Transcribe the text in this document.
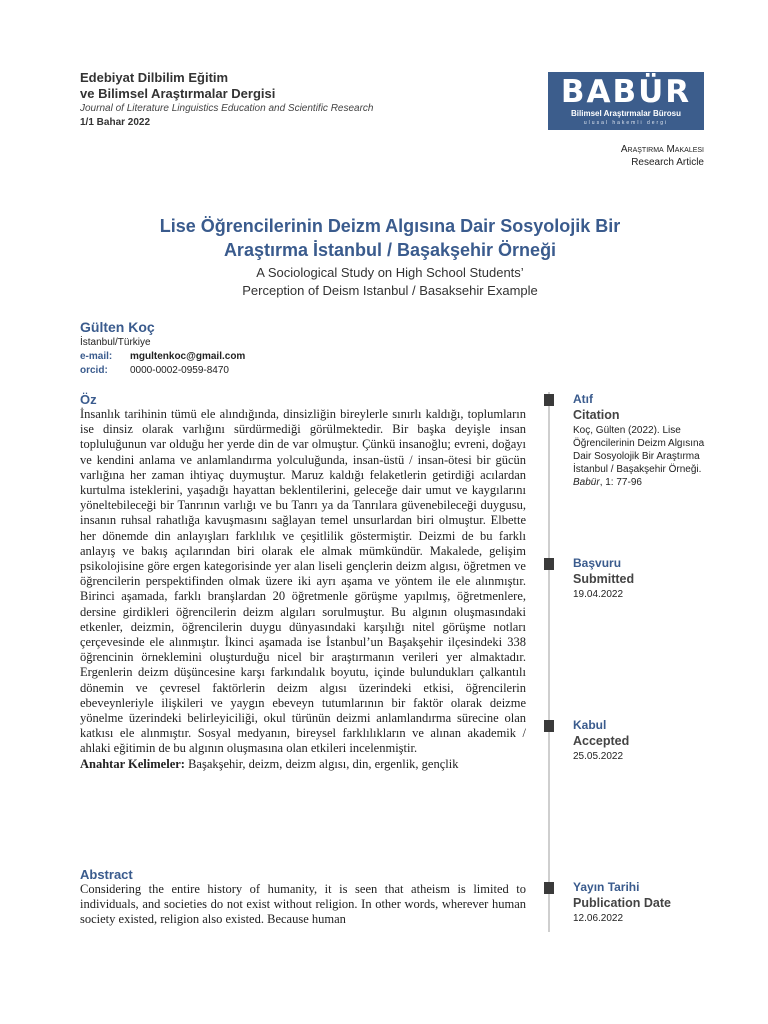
Edebiyat Dilbilim Eğitim
ve Bilimsel Araştırmalar Dergisi
Journal of Literature Linguistics Education and Scientific Research
1/1 Bahar 2022
BABÜR
Bilimsel Araştırmalar Bürosu
ulusal hakemli dergi
Araştırma Makalesi
Research Article
Lise Öğrencilerinin Deizm Algısına Dair Sosyolojik Bir
Araştırma İstanbul / Başakşehir Örneği
A Sociological Study on High School Students’
Perception of Deism Istanbul / Basaksehir Example
Gülten Koç
İstanbul/Türkiye
e-mail: mgultenkoc@gmail.com
orcid: 0000-0002-0959-8470
Öz

İnsanlık tarihinin tümü ele alındığında, dinsizliğin bireylerle sınırlı kaldığı, toplumların ise dinsiz olarak varlığını sürdürmediği görülmektedir. Bir başka deyişle insan topluluğunun var olduğu her yerde din de var olmuştur. Çünkü insanoğlu; evreni, doğayı ve kendini anlama ve anlamlandırma yolculuğunda, insan-üstü / insan-ötesi bir gücün varlığına her zaman ihtiyaç duymuştur. Maruz kaldığı felaketlerin getirdiği acılardan kurtulma isteklerini, yaşadığı hayattan beklentilerini, geleceğe dair umut ve kaygılarını yöneltebileceği bir Tanrının varlığı ve bu Tanrı ya da Tanrılara güvenebileceği duygusu, insanın ruhsal rahatlığa kavuşmasını sağlayan temel unsurlardan biri olmuştur. Elbette her dönemde din anlayışları farklılık ve çeşitlilik göstermiştir. Deizmi de bu farklı anlayış ve bakış açılarından biri olarak ele almak mümkündür. Makalede, gelişim psikolojisine göre ergen kategorisinde yer alan liseli gençlerin deizm algısı, öğretmen ve öğrencilerin perspektifinden olmak üzere iki ayrı aşama ve yöntem ile ele alınmıştır. Birinci aşamada, farklı branşlardan 20 öğretmenle görüşme yapılmış, öğretmenlere, dersine girdikleri öğrencilerin deizm algıları sorulmuştur. Bu algının oluşmasındaki etkenler, deizmin, öğrencilerin duygu dünyasındaki karşılığı nitel görüşme notları çerçevesinde ele alınmıştır. İkinci aşamada ise İstanbul’un Başakşehir ilçesindeki 338 öğrencinin örneklemini oluşturduğu nicel bir araştırmanın verileri yer almaktadır. Ergenlerin deizm düşüncesine karşı farkındalık boyutu, içinde bulundukları çalkantılı dönemin ve çevresel faktörlerin deizm algısı üzerindeki etkisi, öğrencilerin ebeveynleriyle ilişkileri ve yaygın ebeveyn tutumlarının bir faktör olarak deizme yönelme üzerindeki belirleyiciliği, okul türünün deizmi anlamlandırma sürecine olan katkısı ele alınmıştır. Sosyal medyanın, bireysel farklılıkların ve alınan akademik / ahlaki eğitimin de bu algının oluşmasına olan etkileri incelenmiştir.

Anahtar Kelimeler: Başakşehir, deizm, deizm algısı, din, ergenlik, gençlik

Abstract

Considering the entire history of humanity, it is seen that atheism is limited to individuals, and societies do not exist without religion. In other words, wherever human society existed, religion also existed. Because human

Atıf
Citation
Koç, Gülten (2022). Lise Öğrencilerinin Deizm Algısına Dair Sosyolojik Bir Araştırma İstanbul / Başakşehir Örneği.
Babür, 1: 77-96
Başvuru
Submitted
19.04.2022
Kabul
Accepted
25.05.2022
Yayın Tarihi
Publication Date
12.06.2022
